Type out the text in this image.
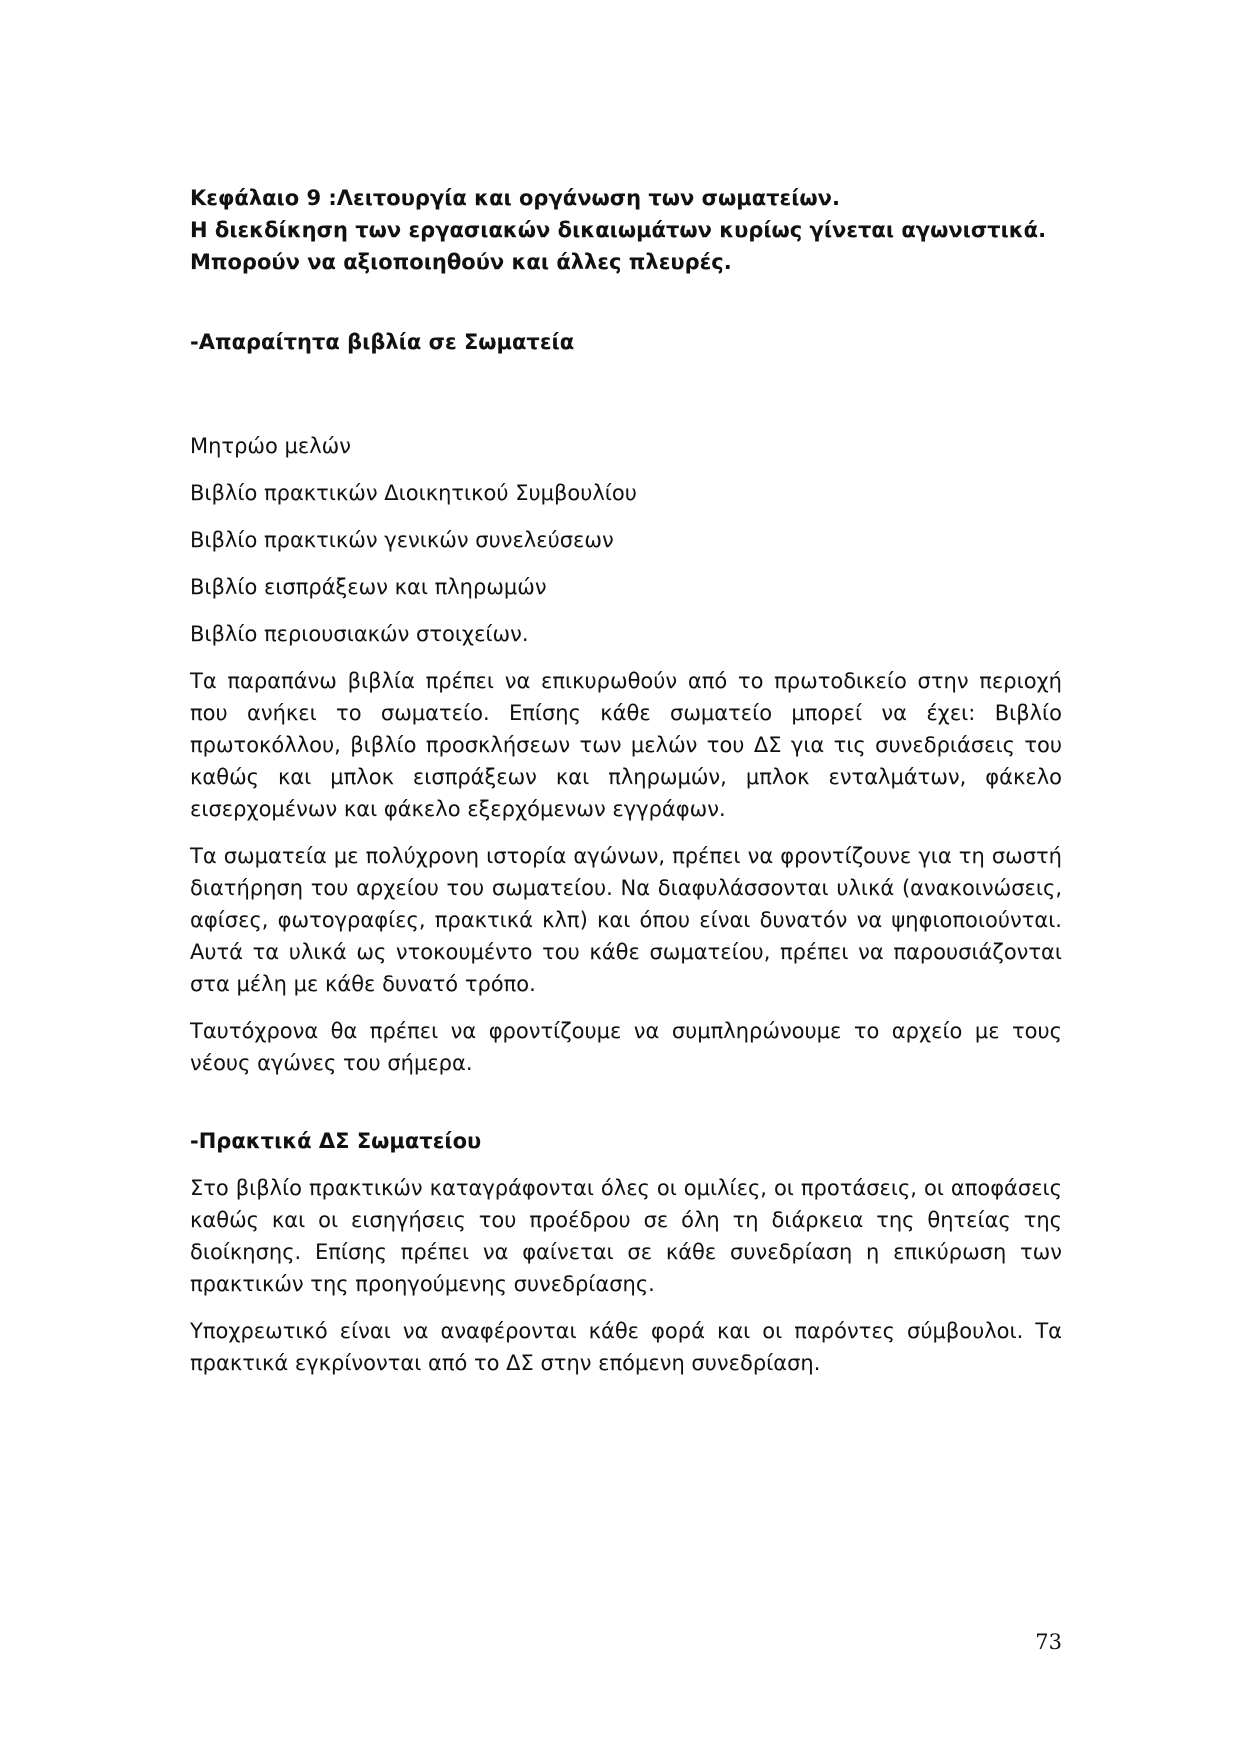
Κεφάλαιο 9 :Λειτουργία και οργάνωση των σωματείων.

Η διεκδίκηση των εργασιακών δικαιωμάτων κυρίως γίνεται αγωνιστικά. Μπορούν να αξιοποιηθούν και άλλες πλευρές.

-Απαραίτητα βιβλία σε Σωματεία

Μητρώο μελών

Βιβλίο πρακτικών Διοικητικού Συμβουλίου

Βιβλίο πρακτικών γενικών συνελεύσεων

Βιβλίο εισπράξεων και πληρωμών

Βιβλίο περιουσιακών στοιχείων.

Τα παραπάνω βιβλία πρέπει να επικυρωθούν από το πρωτοδικείο στην περιοχή που ανήκει το σωματείο. Επίσης κάθε σωματείο μπορεί να έχει: Βιβλίο πρωτοκόλλου, βιβλίο προσκλήσεων των μελών του ΔΣ για τις συνεδριάσεις του καθώς και μπλοκ εισπράξεων και πληρωμών, μπλοκ ενταλμάτων, φάκελο εισερχομένων και φάκελο εξερχόμενων εγγράφων.

Τα σωματεία με πολύχρονη ιστορία αγώνων, πρέπει να φροντίζουνε για τη σωστή διατήρηση του αρχείου του σωματείου. Να διαφυλάσσονται υλικά (ανακοινώσεις, αφίσες, φωτογραφίες, πρακτικά κλπ) και όπου είναι δυνατόν να ψηφιοποιούνται. Αυτά τα υλικά ως ντοκουμέντο του κάθε σωματείου, πρέπει να παρουσιάζονται στα μέλη με κάθε δυνατό τρόπο.

Ταυτόχρονα θα πρέπει να φροντίζουμε να συμπληρώνουμε το αρχείο με τους νέους αγώνες του σήμερα.

-Πρακτικά ΔΣ Σωματείου

Στο βιβλίο πρακτικών καταγράφονται όλες οι ομιλίες, οι προτάσεις, οι αποφάσεις καθώς και οι εισηγήσεις του προέδρου σε όλη τη διάρκεια της θητείας της διοίκησης. Επίσης πρέπει να φαίνεται σε κάθε συνεδρίαση η επικύρωση των πρακτικών της προηγούμενης συνεδρίασης.

Υποχρεωτικό είναι να αναφέρονται κάθε φορά και οι παρόντες σύμβουλοι. Τα πρακτικά εγκρίνονται από το ΔΣ στην επόμενη συνεδρίαση.

73
